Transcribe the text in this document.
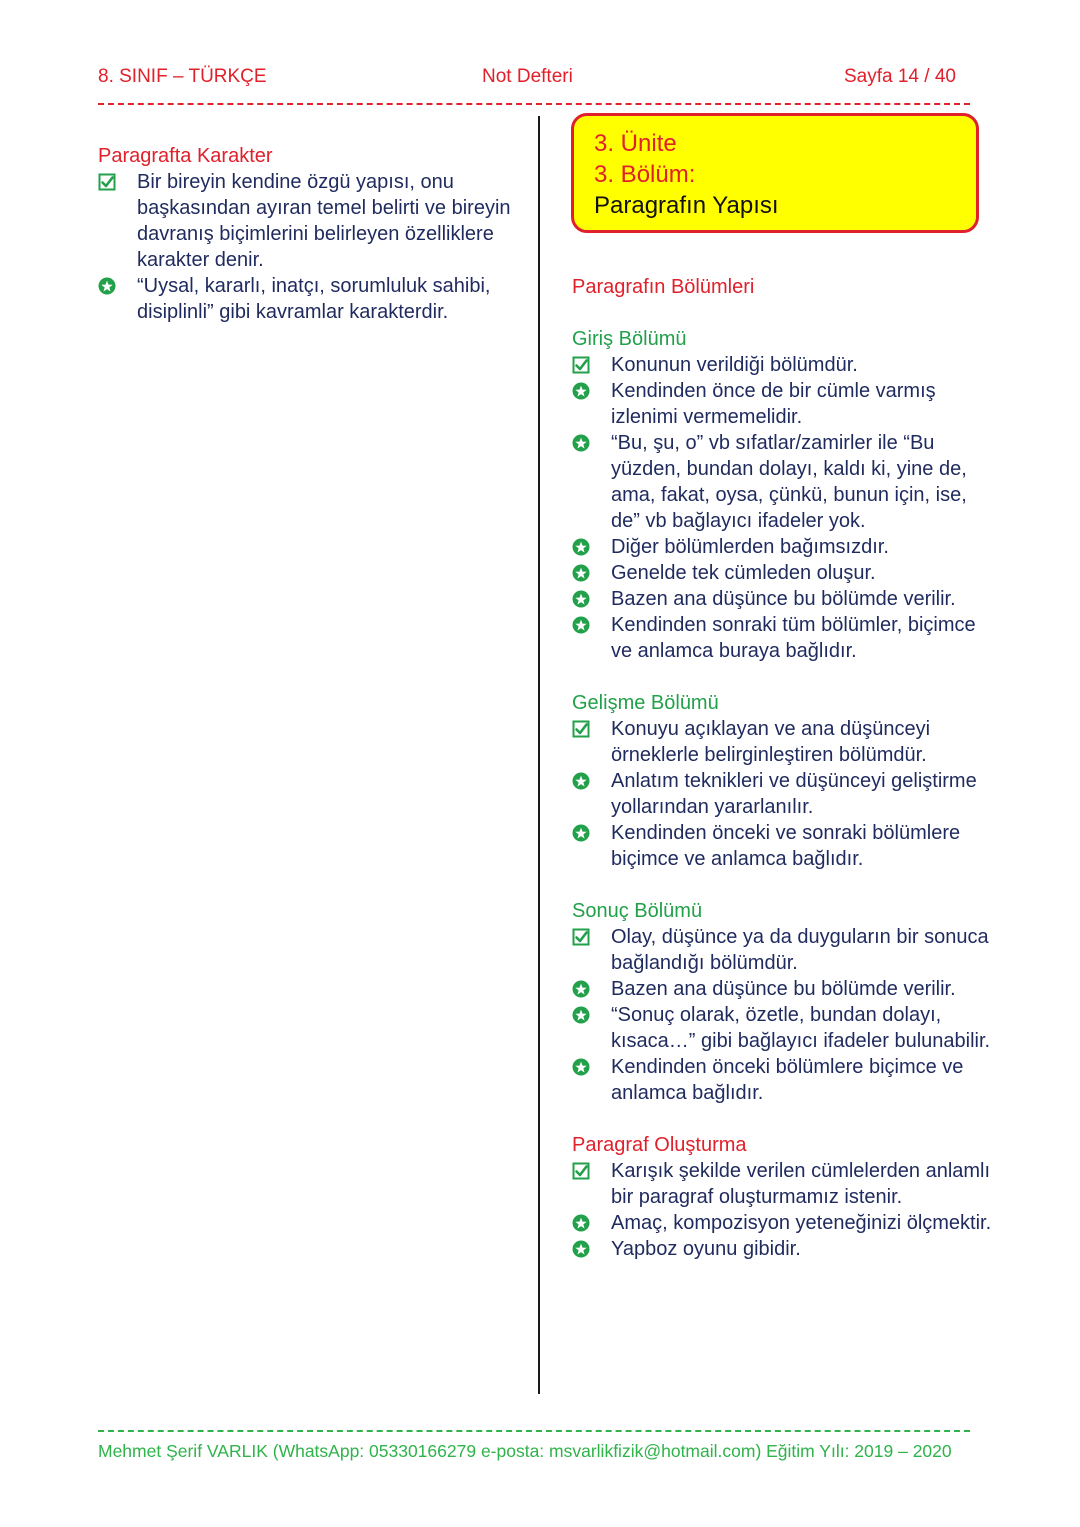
8. SINIF – TÜRKÇE	Not Defteri	Sayfa 14 / 40
Paragrafta Karakter
Bir bireyin kendine özgü yapısı, onu başkasından ayıran temel belirti ve bireyin davranış biçimlerini belirleyen özelliklere karakter denir.
“Uysal, kararlı, inatçı, sorumluluk sahibi, disiplinli” gibi kavramlar karakterdir.
3. Ünite
3. Bölüm:
Paragrafın Yapısı
Paragrafın Bölümleri
Giriş Bölümü
Konunun verildiği bölümdür.
Kendinden önce de bir cümle varmış izlenimi vermemelidir.
“Bu, şu, o” vb sıfatlar/zamirler ile “Bu yüzden, bundan dolayı, kaldı ki, yine de, ama, fakat, oysa, çünkü, bunun için, ise, de” vb bağlayıcı ifadeler yok.
Diğer bölümlerden bağımsızdır.
Genelde tek cümleden oluşur.
Bazen ana düşünce bu bölümde verilir.
Kendinden sonraki tüm bölümler, biçimce ve anlamca buraya bağlıdır.
Gelişme Bölümü
Konuyu açıklayan ve ana düşünceyi örneklerle belirginleştiren bölümdür.
Anlatım teknikleri ve düşünceyi geliştirme yollarından yararlanılır.
Kendinden önceki ve sonraki bölümlere biçimce ve anlamca bağlıdır.
Sonuç Bölümü
Olay, düşünce ya da duyguların bir sonuca bağlandığı bölümdür.
Bazen ana düşünce bu bölümde verilir.
“Sonuç olarak, özetle, bundan dolayı, kısaca…” gibi bağlayıcı ifadeler bulunabilir.
Kendinden önceki bölümlere biçimce ve anlamca bağlıdır.
Paragraf Oluşturma
Karışık şekilde verilen cümlelerden anlamlı bir paragraf oluşturmamız istenir.
Amaç, kompozisyon yeteneğinizi ölçmektir.
Yapboz oyunu gibidir.
Mehmet Şerif VARLIK (WhatsApp: 05330166279 e-posta: msvarlikfizik@hotmail.com) Eğitim Yılı: 2019 – 2020
